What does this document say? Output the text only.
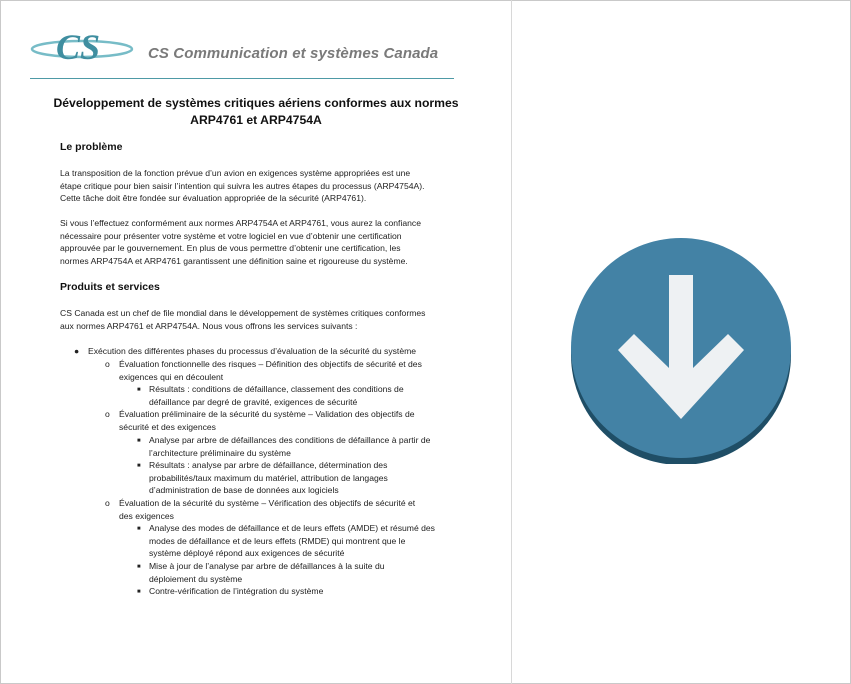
CS	CS Communication et systèmes Canada
Développement de systèmes critiques aériens conformes aux normes
ARP4761 et ARP4754A
Le problème
La transposition de la fonction prévue d’un avion en exigences système appropriées est une
étape critique pour bien saisir l’intention qui suivra les autres étapes du processus (ARP4754A).
Cette tâche doit être fondée sur évaluation appropriée de la sécurité (ARP4761).
Si vous l’effectuez conformément aux normes ARP4754A et ARP4761, vous aurez la confiance
nécessaire pour présenter votre système et votre logiciel en vue d’obtenir une certification
approuvée par le gouvernement. En plus de vous permettre d’obtenir une certification, les
normes ARP4754A et ARP4761 garantissent une définition saine et rigoureuse du système.
Produits et services
CS Canada est un chef de file mondial dans le développement de systèmes critiques conformes
aux normes ARP4761 et ARP4754A. Nous vous offrons les services suivants :
● Exécution des différentes phases du processus d’évaluation de la sécurité du système
o Évaluation fonctionnelle des risques – Définition des objectifs de sécurité et des
exigences qui en découlent
■ Résultats : conditions de défaillance, classement des conditions de
défaillance par degré de gravité, exigences de sécurité
o Évaluation préliminaire de la sécurité du système – Validation des objectifs de
sécurité et des exigences
■ Analyse par arbre de défaillances des conditions de défaillance à partir de
l’architecture préliminaire du système
■ Résultats : analyse par arbre de défaillance, détermination des
probabilités/taux maximum du matériel, attribution de langages
d’administration de base de données aux logiciels
o Évaluation de la sécurité du système – Vérification des objectifs de sécurité et
des exigences
■ Analyse des modes de défaillance et de leurs effets (AMDE) et résumé des
modes de défaillance et de leurs effets (RMDE) qui montrent que le
système déployé répond aux exigences de sécurité
■ Mise à jour de l’analyse par arbre de défaillances à la suite du
déploiement du système
■ Contre-vérification de l’intégration du système
